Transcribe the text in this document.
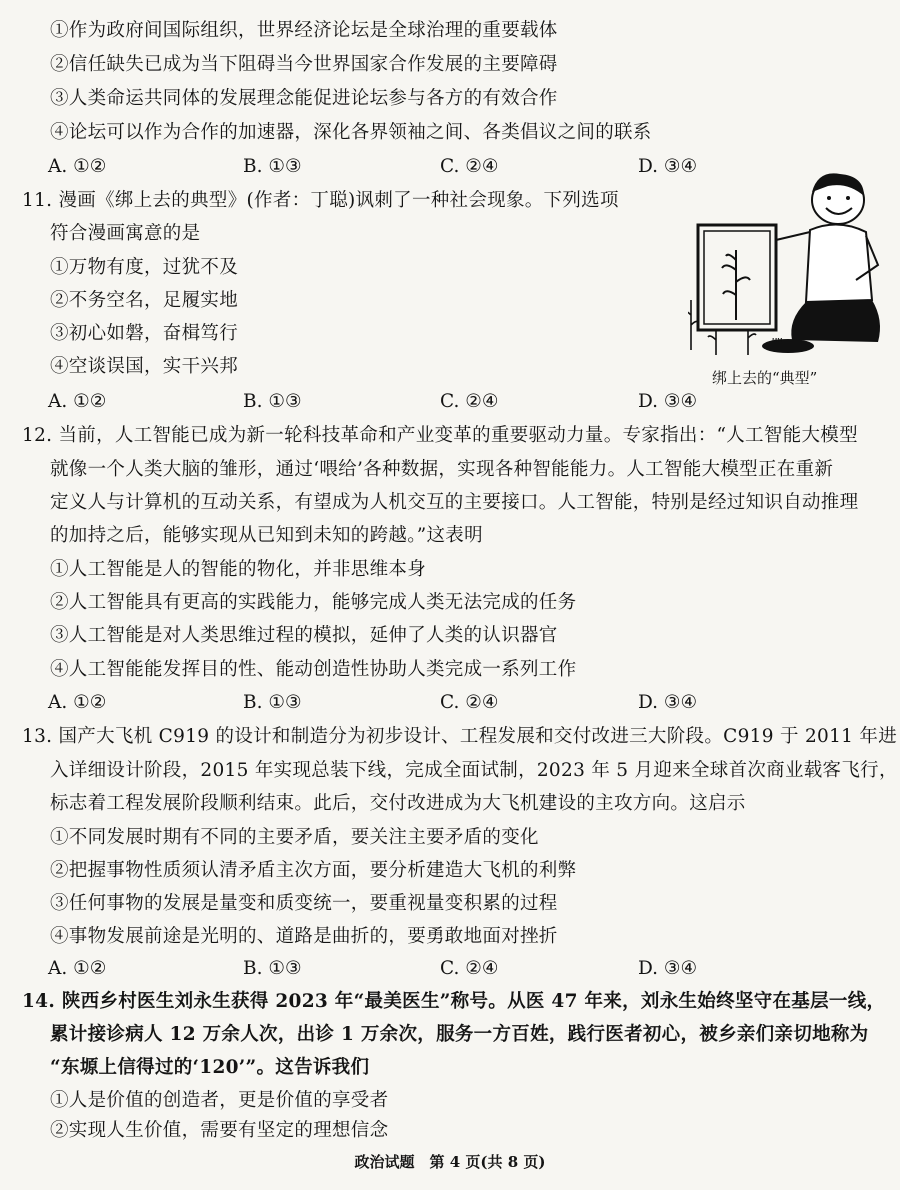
①作为政府间国际组织，世界经济论坛是全球治理的重要载体
②信任缺失已成为当下阻碍当今世界国家合作发展的主要障碍
③人类命运共同体的发展理念能促进论坛参与各方的有效合作
④论坛可以作为合作的加速器，深化各界领袖之间、各类倡议之间的联系
A. ①②	B. ①③	C. ②④	D. ③④
11. 漫画《绑上去的典型》(作者：丁聪)讽刺了一种社会现象。下列选项
符合漫画寓意的是
①万物有度，过犹不及
②不务空名，足履实地
③初心如磐，奋楫笃行
④空谈误国，实干兴邦
A. ①②	B. ①③	C. ②④	D. ③④
ᴍᴍ
绑上去的“典型”
12. 当前，人工智能已成为新一轮科技革命和产业变革的重要驱动力量。专家指出：“人工智能大模型
就像一个人类大脑的雏形，通过‘喂给’各种数据，实现各种智能能力。人工智能大模型正在重新
定义人与计算机的互动关系，有望成为人机交互的主要接口。人工智能，特别是经过知识自动推理
的加持之后，能够实现从已知到未知的跨越。”这表明
①人工智能是人的智能的物化，并非思维本身
②人工智能具有更高的实践能力，能够完成人类无法完成的任务
③人工智能是对人类思维过程的模拟，延伸了人类的认识器官
④人工智能能发挥目的性、能动创造性协助人类完成一系列工作
A. ①②	B. ①③	C. ②④	D. ③④
13. 国产大飞机 C919 的设计和制造分为初步设计、工程发展和交付改进三大阶段。C919 于 2011 年进
入详细设计阶段，2015 年实现总装下线，完成全面试制，2023 年 5 月迎来全球首次商业载客飞行，
标志着工程发展阶段顺利结束。此后，交付改进成为大飞机建设的主攻方向。这启示
①不同发展时期有不同的主要矛盾，要关注主要矛盾的变化
②把握事物性质须认清矛盾主次方面，要分析建造大飞机的利弊
③任何事物的发展是量变和质变统一，要重视量变积累的过程
④事物发展前途是光明的、道路是曲折的，要勇敢地面对挫折
A. ①②	B. ①③	C. ②④	D. ③④
14. 陕西乡村医生刘永生获得 2023 年“最美医生”称号。从医 47 年来，刘永生始终坚守在基层一线，
累计接诊病人 12 万余人次，出诊 1 万余次，服务一方百姓，践行医者初心，被乡亲们亲切地称为
“东塬上信得过的‘120’”。这告诉我们
①人是价值的创造者，更是价值的享受者
②实现人生价值，需要有坚定的理想信念
政治试题　第 4 页(共 8 页)
